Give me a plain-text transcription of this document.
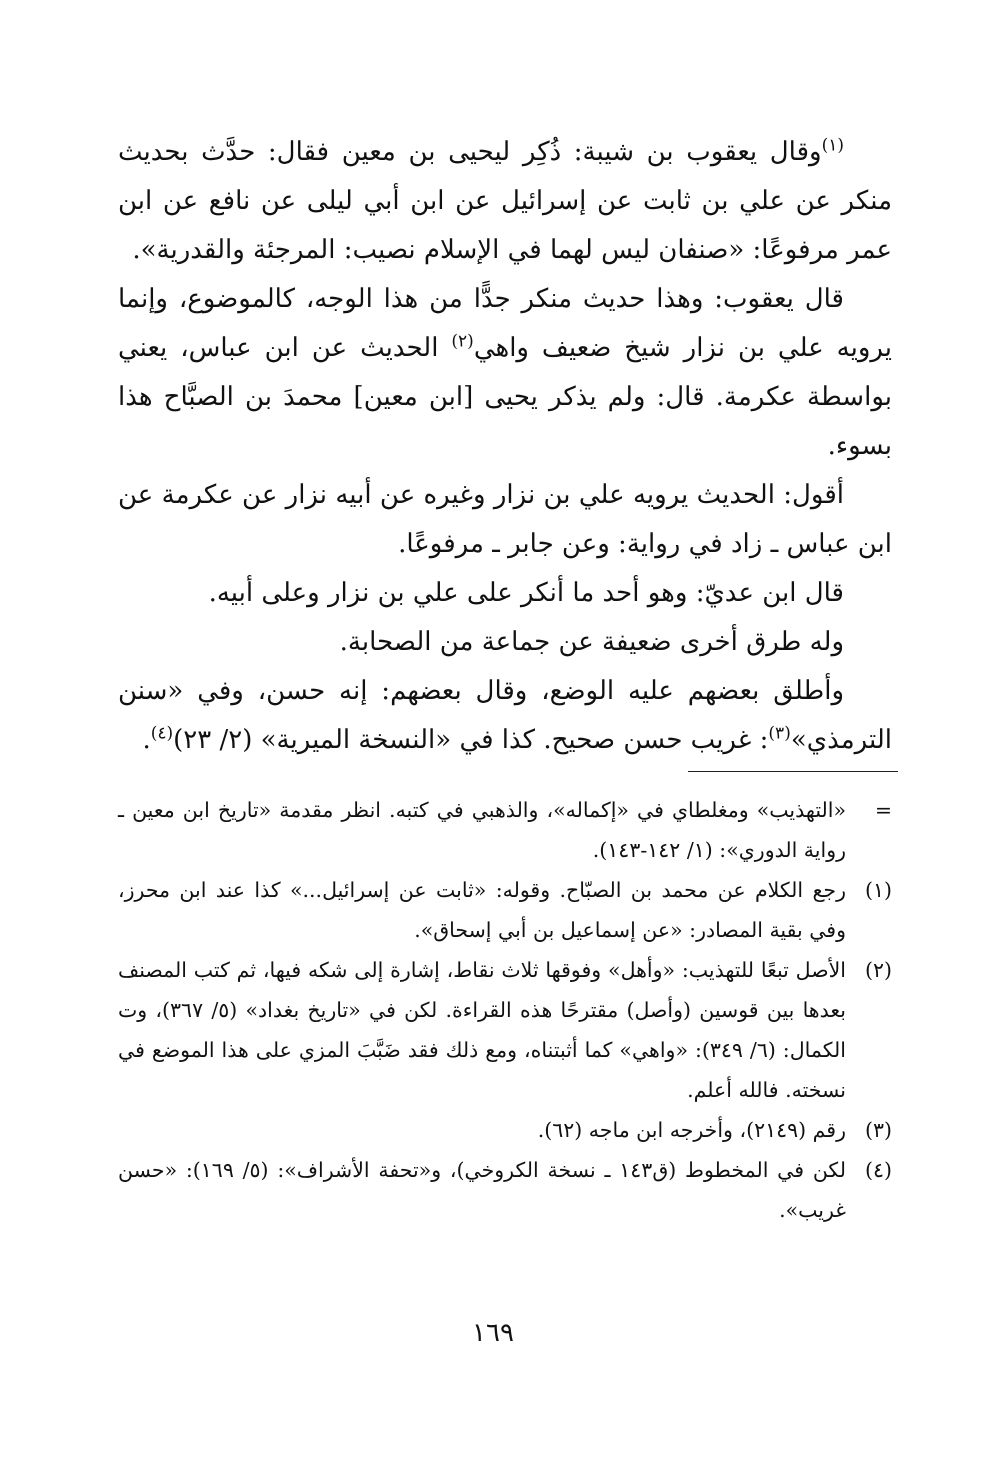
$^{(١)}$وقال يعقوب بن شيبة: ذُكِر ليحيى بن معين فقال: حدَّث بحديث منكر عن علي بن ثابت عن إسرائيل عن ابن أبي ليلى عن نافع عن ابن عمر مرفوعًا: «صنفان ليس لهما في الإسلام نصيب: المرجئة والقدرية».

قال يعقوب: وهذا حديث منكر جدًّا من هذا الوجه، كالموضوع، وإنما يرويه علي بن نزار شيخ ضعيف واهي$^{(٢)}$ الحديث عن ابن عباس، يعني بواسطة عكرمة. قال: ولم يذكر يحيى [ابن معين] محمدَ بن الصبَّاح هذا بسوء.

أقول: الحديث يرويه علي بن نزار وغيره عن أبيه نزار عن عكرمة عن ابن عباس ـ زاد في رواية: وعن جابر ـ مرفوعًا.

قال ابن عديّ: وهو أحد ما أنكر على علي بن نزار وعلى أبيه.

وله طرق أخرى ضعيفة عن جماعة من الصحابة.

وأطلق بعضهم عليه الوضع، وقال بعضهم: إنه حسن، وفي «سنن الترمذي»$^{(٣)}$: غريب حسن صحيح. كذا في «النسخة الميرية» (٢/ ٢٣)$^{(٤)}$.

=
«التهذيب» ومغلطاي في «إكماله»، والذهبي في كتبه. انظر مقدمة «تاريخ ابن معين ـ رواية الدوري»: (١/ ١٤٢-١٤٣).
(١)
رجع الكلام عن محمد بن الصبّاح. وقوله: «ثابت عن إسرائيل...» كذا عند ابن محرز، وفي بقية المصادر: «عن إسماعيل بن أبي إسحاق».
(٢)
الأصل تبعًا للتهذيب: «وأهل» وفوقها ثلاث نقاط، إشارة إلى شكه فيها، ثم كتب المصنف بعدها بين قوسين (وأصل) مقترحًا هذه القراءة. لكن في «تاريخ بغداد» (٥/ ٣٦٧)، وت الكمال: (٦/ ٣٤٩): «واهي» كما أثبتناه، ومع ذلك فقد ضَبَّبَ المزي على هذا الموضع في نسخته. فالله أعلم.
(٣)
رقم (٢١٤٩)، وأخرجه ابن ماجه (٦٢).
(٤)
لكن في المخطوط (ق١٤٣ ـ نسخة الكروخي)، و«تحفة الأشراف»: (٥/ ١٦٩): «حسن غريب».
١٦٩
